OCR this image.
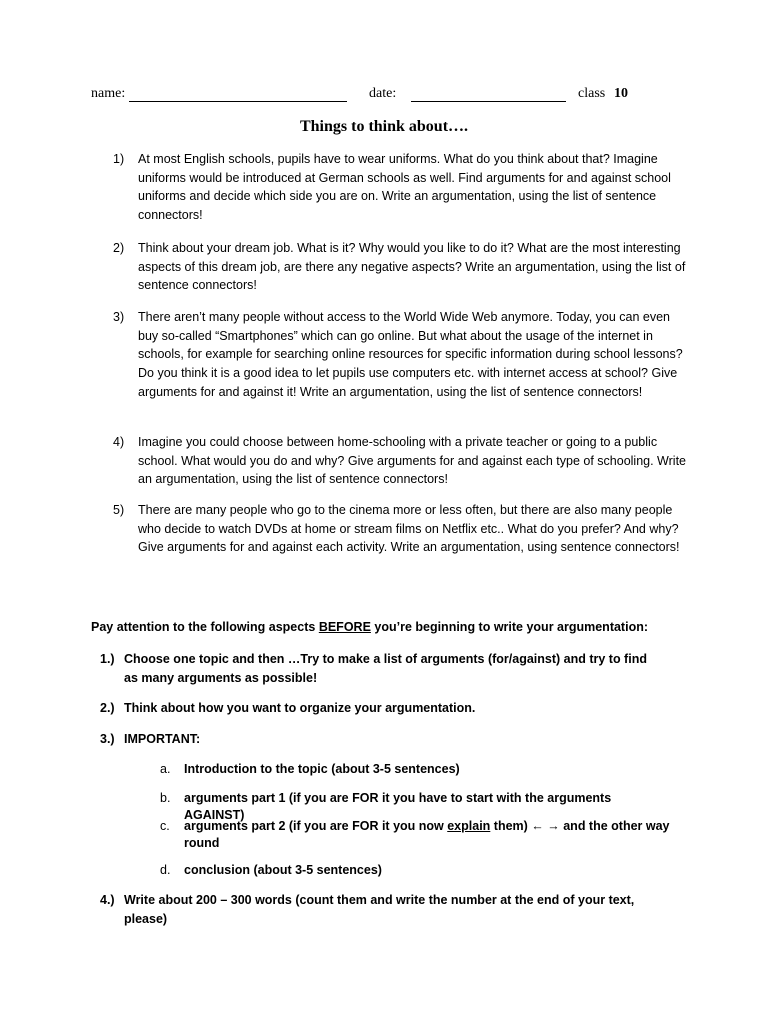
name:	date:	class 10
Things to think about….
1) At most English schools, pupils have to wear uniforms. What do you think about that? Imagine uniforms would be introduced at German schools as well. Find arguments for and against school uniforms and decide which side you are on. Write an argumentation, using the list of sentence connectors!
2) Think about your dream job. What is it? Why would you like to do it? What are the most interesting aspects of this dream job, are there any negative aspects? Write an argumentation, using the list of sentence connectors!
3) There aren’t many people without access to the World Wide Web anymore. Today, you can even buy so-called “Smartphones” which can go online. But what about the usage of the internet in schools, for example for searching online resources for specific information during school lessons? Do you think it is a good idea to let pupils use computers etc. with internet access at school? Give arguments for and against it! Write an argumentation, using the list of sentence connectors!
4) Imagine you could choose between home-schooling with a private teacher or going to a public school. What would you do and why? Give arguments for and against each type of schooling. Write an argumentation, using the list of sentence connectors!
5) There are many people who go to the cinema more or less often, but there are also many people who decide to watch DVDs at home or stream films on Netflix etc.. What do you prefer? And why? Give arguments for and against each activity. Write an argumentation, using sentence connectors!
Pay attention to the following aspects BEFORE you’re beginning to write your argumentation:
1.) Choose one topic and then …Try to make a list of arguments (for/against) and try to find as many arguments as possible!
2.) Think about how you want to organize your argumentation.
3.) IMPORTANT:
a. Introduction to the topic (about 3-5 sentences)
b. arguments part 1 (if you are FOR it you have to start with the arguments AGAINST)
c. arguments part 2 (if you are FOR it you now explain them) ← → and the other way round
d. conclusion (about 3-5 sentences)
4.) Write about 200 – 300 words (count them and write the number at the end of your text, please)
